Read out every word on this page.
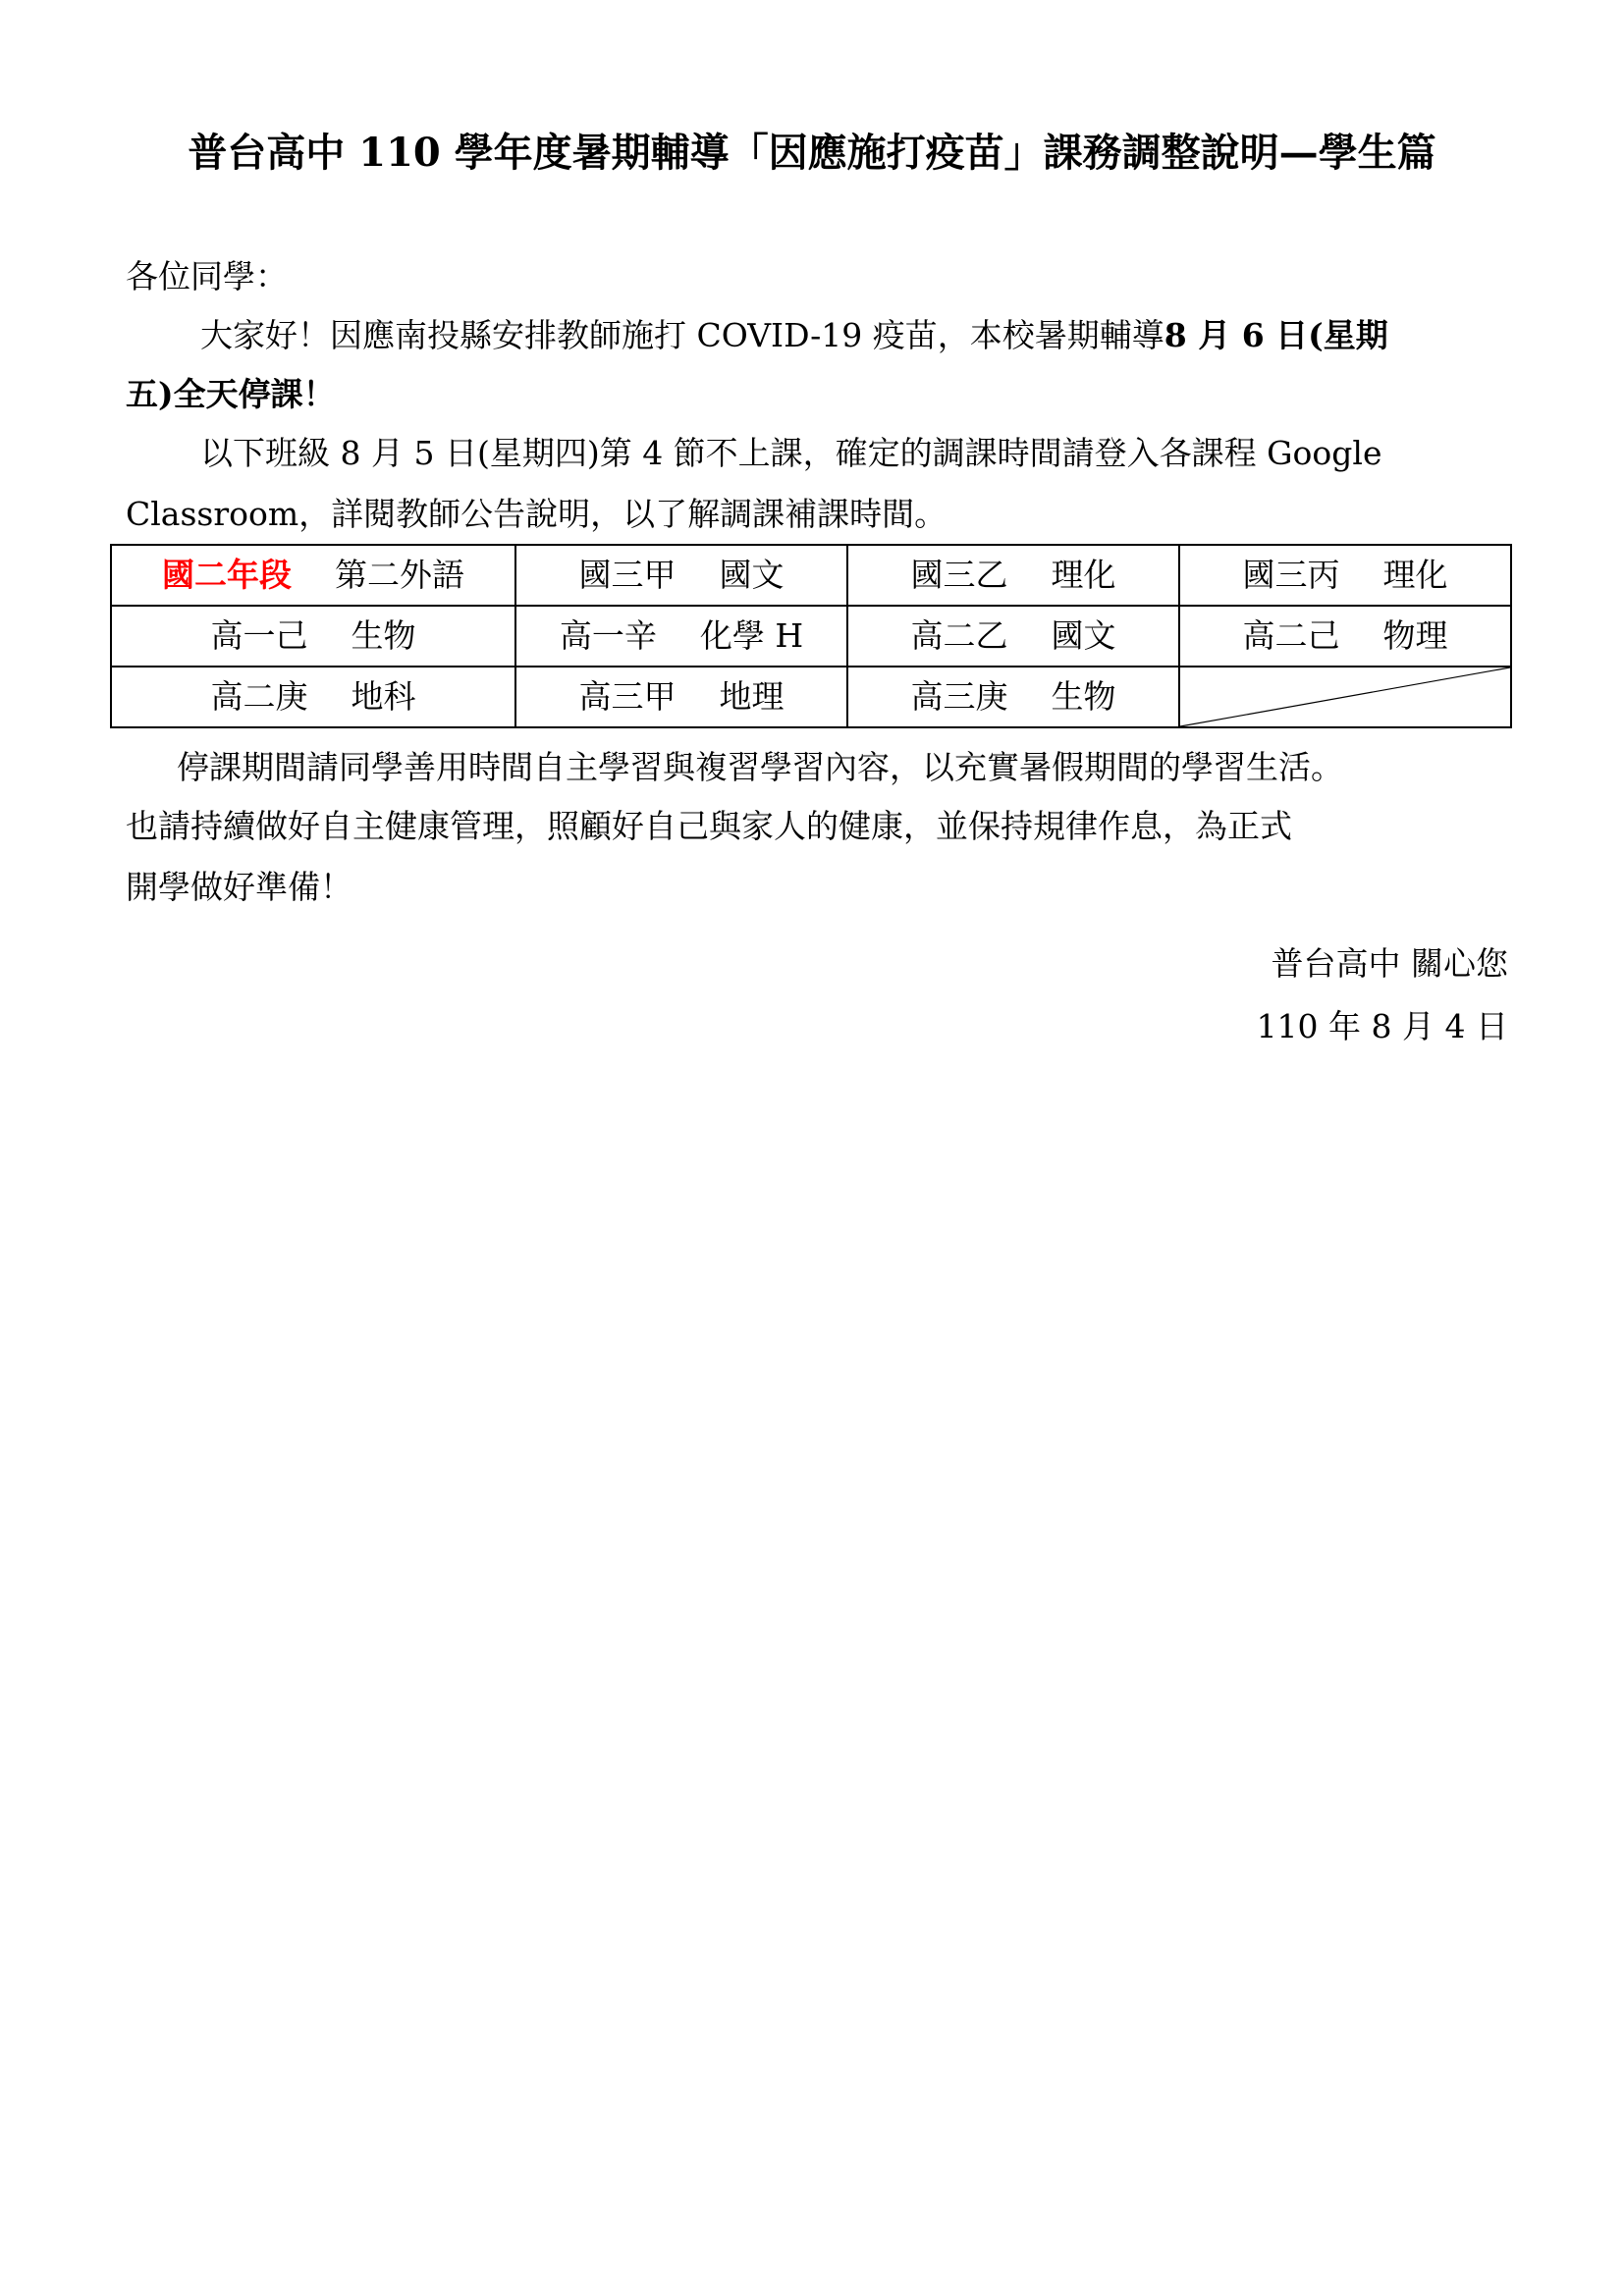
普台高中 110 學年度暑期輔導「因應施打疫苗」課務調整說明—學生篇
各位同學：
大家好！因應南投縣安排教師施打 COVID-19 疫苗，本校暑期輔導8 月 6 日(星期
五)全天停課！
以下班級 8 月 5 日(星期四)第 4 節不上課，確定的調課時間請登入各課程 Google
Classroom，詳閱教師公告說明，以了解調課補課時間。
國二年段 第二外語	國三甲 國文	國三乙 理化	國三丙 理化
高一己 生物	高一辛 化學 H	高二乙 國文	高二己 物理
高二庚 地科	高三甲 地理	高三庚 生物	
停課期間請同學善用時間自主學習與複習學習內容，以充實暑假期間的學習生活。
也請持續做好自主健康管理，照顧好自己與家人的健康，並保持規律作息，為正式
開學做好準備！
普台高中 關心您
110 年 8 月 4 日
